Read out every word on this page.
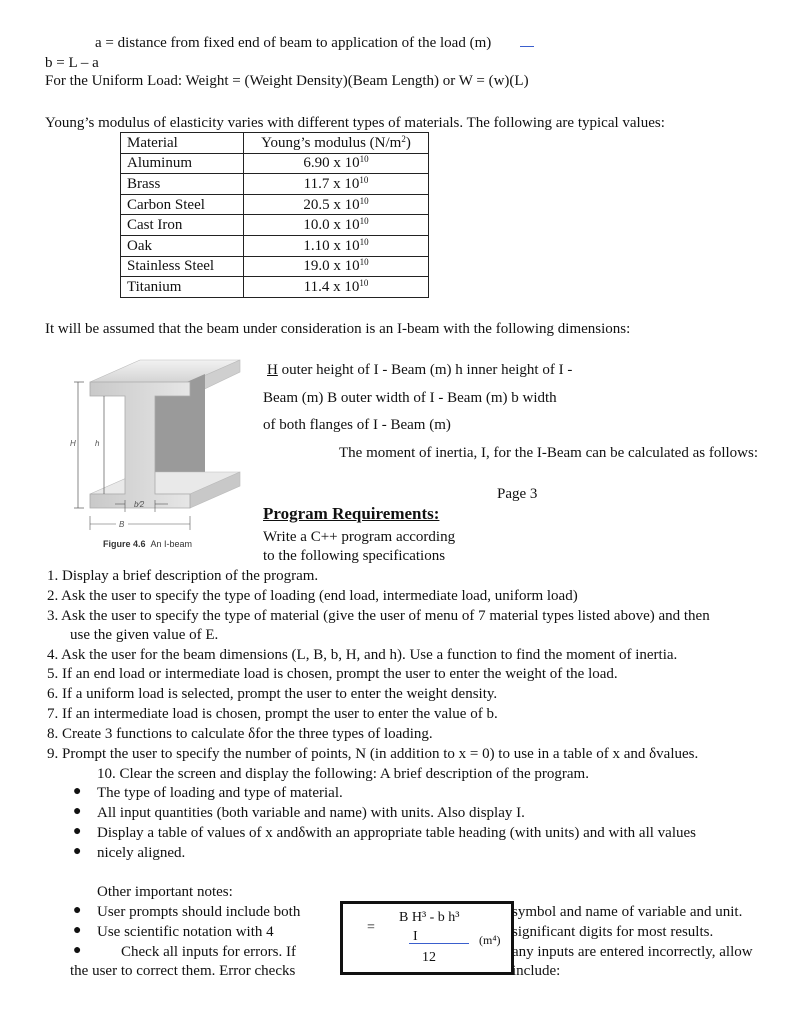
a = distance from fixed end of beam to application of the load (m)
b = L – a
For the Uniform Load: Weight = (Weight Density)(Beam Length) or W = (w)(L)
Young’s modulus of elasticity varies with different types of materials. The following are typical values:
Material	Young’s modulus $(N/m^2)$
Aluminum	6.90 x $10^{10}$
Brass	11.7 x $10^{10}$
Carbon Steel	20.5 x $10^{10}$
Cast Iron	10.0 x $10^{10}$
Oak	1.10 x $10^{10}$
Stainless Steel	19.0 x $10^{10}$
Titanium	11.4 x $10^{10}$
It will be assumed that the beam under consideration is an I-beam with the following dimensions:
H h
b⁄2
B
Figure 4.6 An I-beam
H outer height of I - Beam (m) h inner height of I -
Beam (m) B outer width of I - Beam (m) b width
of both flanges of I - Beam (m)
The moment of inertia, I, for the I-Beam can be calculated as follows:
Page 3
Program Requirements:
Write a C++ program according
to the following specifications
1. Display a brief description of the program.
2. Ask the user to specify the type of loading (end load, intermediate load, uniform load)
3. Ask the user to specify the type of material (give the user of menu of 7 material types listed above) and then
use the given value of E.
4. Ask the user for the beam dimensions (L, B, b, H, and h). Use a function to find the moment of inertia.
5. If an end load or intermediate load is chosen, prompt the user to enter the weight of the load.
6. If a uniform load is selected, prompt the user to enter the weight density.
7. If an intermediate load is chosen, prompt the user to enter the value of b.
8. Create 3 functions to calculate δfor the three types of loading.
9. Prompt the user to specify the number of points, N (in addition to x = 0) to use in a table of x and δvalues.
10. Clear the screen and display the following: A brief description of the program.
● The type of loading and type of material.
● All input quantities (both variable and name) with units. Also display I.
● Display a table of values of x andδwith an appropriate table heading (with units) and with all values
● nicely aligned.
Other important notes:
● User prompts should include both	symbol and name of variable and unit.
● Use scientific notation with 4	significant digits for most results.
●	Check all inputs for errors. If	any inputs are entered incorrectly, allow
the user to correct them. Error checks	include:
=
B H³ - b h³
I
12
(m⁴)
